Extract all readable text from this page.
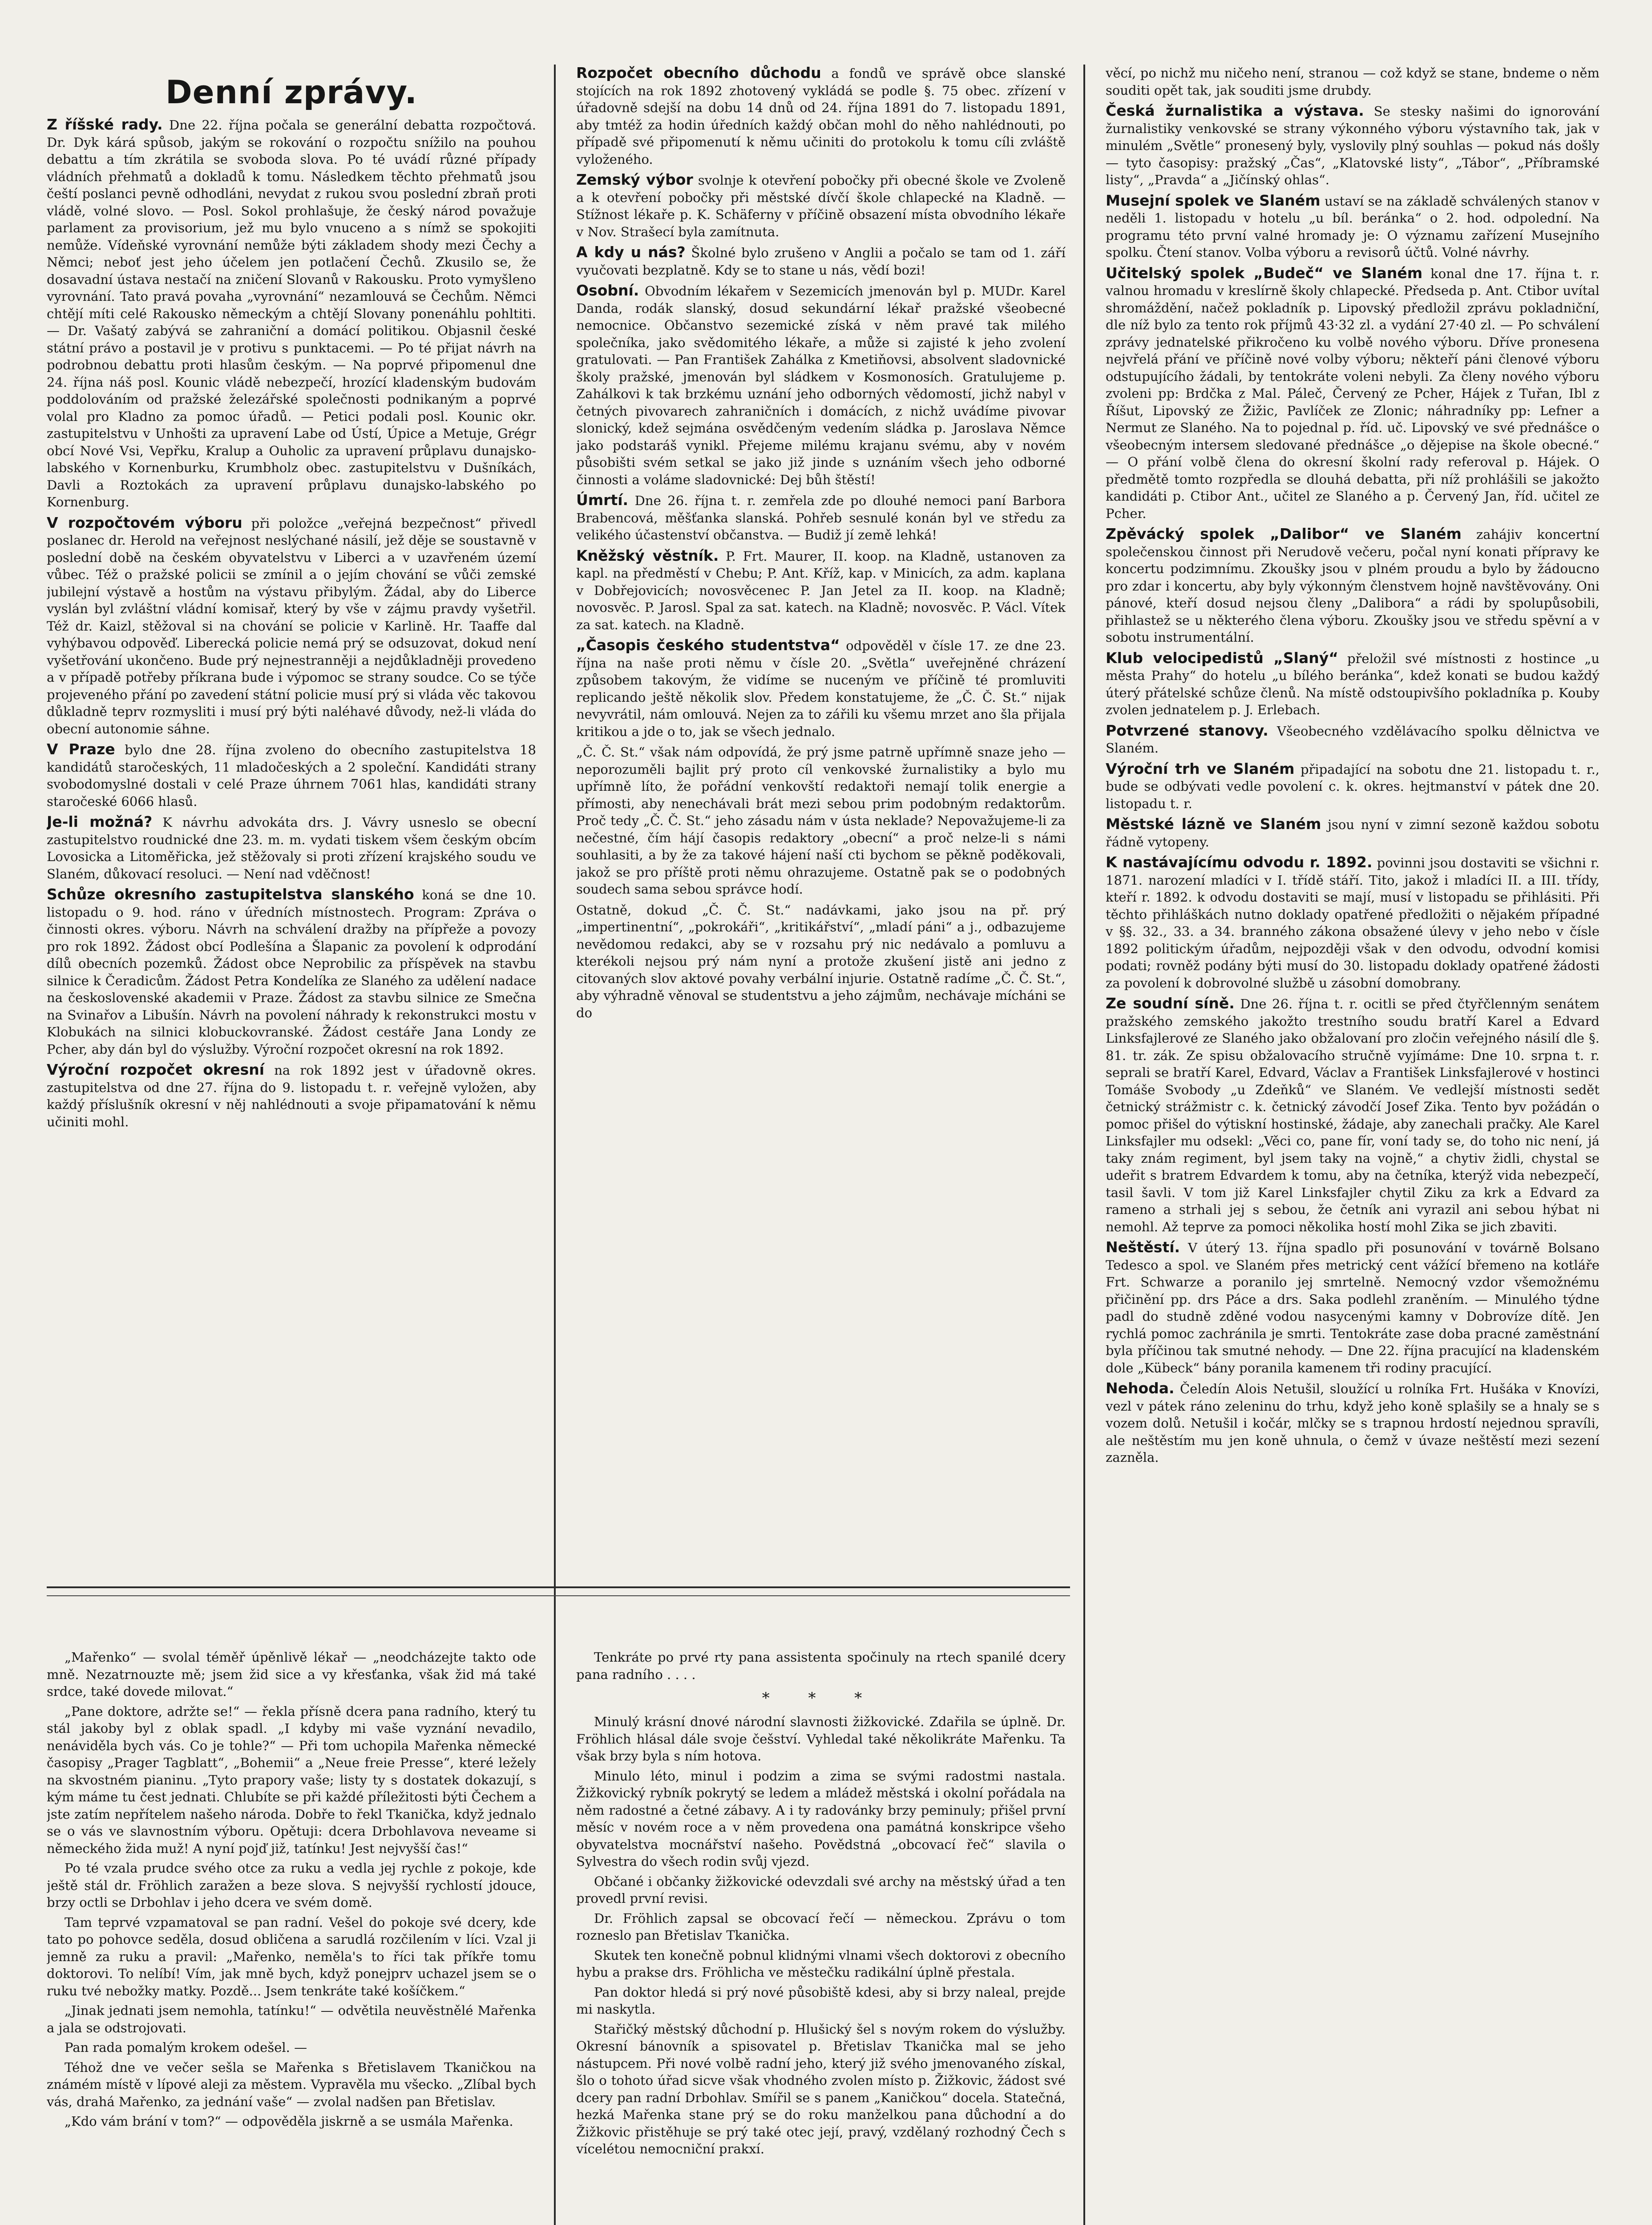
Denní zprávy.

Z říšské rady. Dne 22. října počala se generální debatta rozpočtová. Dr. Dyk kárá spůsob, jakým se rokování o rozpočtu snížilo na pouhou debattu a tím zkrátila se svoboda slova. Po té uvádí různé případy vládních přehmatů a dokladů k tomu. Následkem těchto přehmatů jsou čeští poslanci pevně odhodláni, nevydat z rukou svou poslední zbraň proti vládě, volné slovo. — Posl. Sokol prohlašuje, že český národ považuje parlament za provisorium, jež mu bylo vnuceno a s nímž se spokojiti nemůže. Vídeňské vyrovnání nemůže býti základem shody mezi Čechy a Němci; neboť jest jeho účelem jen potlačení Čechů. Zkusilo se, že dosavadní ústava nestačí na zničení Slovanů v Rakousku. Proto vymyšleno vyrovnání. Tato pravá povaha „vyrovnání“ nezamlouvá se Čechům. Němci chtějí míti celé Rakousko německým a chtějí Slovany ponenáhlu pohltiti. — Dr. Vašatý zabývá se zahraniční a domácí politikou. Objasnil české státní právo a postavil je v protivu s punktacemi. — Po té přijat návrh na podrobnou debattu proti hlasům českým. — Na poprvé připomenul dne 24. října náš posl. Kounic vládě nebezpečí, hrozící kladenským budovám poddolováním od pražské železářské společnosti podnikaným a poprvé volal pro Kladno za pomoc úřadů. — Petici podali posl. Kounic okr. zastupitelstvu v Unhošti za upravení Labe od Ústí, Úpice a Metuje, Grégr obcí Nové Vsi, Vepřku, Kralup a Ouholic za upravení průplavu dunajsko-labského v Kornenburku, Krumbholz obec. zastupitelstvu v Dušníkách, Davli a Roztokách za upravení průplavu dunajsko-labského po Kornenburg.

V rozpočtovém výboru při položce „veřejná bezpečnost“ přivedl poslanec dr. Herold na veřejnost neslýchané násilí, jež děje se soustavně v poslední době na českém obyvatelstvu v Liberci a v uzavřeném území vůbec. Též o pražské policii se zmínil a o jejím chování se vůči zemské jubilejní výstavě a hostům na výstavu přibylým. Žádal, aby do Liberce vyslán byl zvláštní vládní komisař, který by vše v zájmu pravdy vyšetřil. Též dr. Kaizl, stěžoval si na chování se policie v Karlině. Hr. Taaffe dal vyhýbavou odpověď. Liberecká policie nemá prý se odsuzovat, dokud není vyšetřování ukončeno. Bude prý nejnestranněji a nejdůkladněji provedeno a v případě potřeby příkrana bude i výpomoc se strany soudce. Co se týče projeveného přání po zavedení státní policie musí prý si vláda věc takovou důkladně teprv rozmysliti i musí prý býti naléhavé důvody, než-li vláda do obecní autonomie sáhne.

V Praze bylo dne 28. října zvoleno do obecního zastupitelstva 18 kandidátů staročeských, 11 mladočeských a 2 společní. Kandidáti strany svobodomyslné dostali v celé Praze úhrnem 7061 hlas, kandidáti strany staročeské 6066 hlasů.

Je-li možná? K návrhu advokáta drs. J. Vávry usneslo se obecní zastupitelstvo roudnické dne 23. m. m. vydati tiskem všem českým obcím Lovosicka a Litoměřicka, jež stěžovaly si proti zřízení krajského soudu ve Slaném, důkovací resoluci. — Není nad vděčnost!

Schůze okresního zastupitelstva slanského koná se dne 10. listopadu o 9. hod. ráno v úředních místnostech. Program: Zpráva o činnosti okres. výboru. Návrh na schválení dražby na přípřeže a povozy pro rok 1892. Žádost obcí Podlešína a Šlapanic za povolení k odprodání dílů obecních pozemků. Žádost obce Neprobilic za příspěvek na stavbu silnice k Čeradicům. Žádost Petra Kondelíka ze Slaného za udělení nadace na československé akademii v Praze. Žádost za stavbu silnice ze Smečna na Svinařov a Libušín. Návrh na povolení náhrady k rekonstrukci mostu v Klobukách na silnici klobuckovranské. Žádost cestáře Jana Londy ze Pcher, aby dán byl do výslužby. Výroční rozpočet okresní na rok 1892.

Výroční rozpočet okresní na rok 1892 jest v úřadovně okres. zastupitelstva od dne 27. října do 9. listopadu t. r. veřejně vyložen, aby každý příslušník okresní v něj nahlédnouti a svoje připamatování k němu učiniti mohl.

Rozpočet obecního důchodu a fondů ve správě obce slanské stojících na rok 1892 zhotovený vykládá se podle §. 75 obec. zřízení v úřadovně sdejší na dobu 14 dnů od 24. října 1891 do 7. listopadu 1891, aby tmtéž za hodin úředních každý občan mohl do něho nahlédnouti, po případě své připomenutí k němu učiniti do protokolu k tomu cíli zvláště vyloženého.

Zemský výbor svolnje k otevření pobočky při obecné škole ve Zvoleně a k otevření pobočky při městské dívčí škole chlapecké na Kladně. — Stížnost lékaře p. K. Schäferny v příčině obsazení místa obvodního lékaře v Nov. Strašecí byla zamítnuta.

A kdy u nás? Školné bylo zrušeno v Anglii a počalo se tam od 1. září vyučovati bezplatně. Kdy se to stane u nás, vědí bozi!

Osobní. Obvodním lékařem v Sezemicích jmenován byl p. MUDr. Karel Danda, rodák slanský, dosud sekundární lékař pražské všeobecné nemocnice. Občanstvo sezemické získá v něm pravé tak milého společníka, jako svědomitého lékaře, a může si zajisté k jeho zvolení gratulovati. — Pan František Zahálka z Kmetiňovsi, absolvent sladovnické školy pražské, jmenován byl sládkem v Kosmonosích. Gratulujeme p. Zahálkovi k tak brzkému uznání jeho odborných vědomostí, jichž nabyl v četných pivovarech zahraničních i domácích, z nichž uvádíme pivovar slonický, kdež sejmána osvědčeným vedením sládka p. Jaroslava Němce jako podstaráš vynikl. Přejeme milému krajanu svému, aby v novém působišti svém setkal se jako již jinde s uznáním všech jeho odborné činnosti a voláme sladovnické: Dej bůh štěstí!

Úmrtí. Dne 26. října t. r. zemřela zde po dlouhé nemoci paní Barbora Brabencová, měšťanka slanská. Pohřeb sesnulé konán byl ve středu za velikého účastenství občanstva. — Budiž jí země lehká!

Kněžský věstník. P. Frt. Maurer, II. koop. na Kladně, ustanoven za kapl. na předměstí v Chebu; P. Ant. Kříž, kap. v Minicích, za adm. kaplana v Dobřejovicích; novosvěcenec P. Jan Jetel za II. koop. na Kladně; novosvěc. P. Jarosl. Spal za sat. katech. na Kladně; novosvěc. P. Václ. Vítek za sat. katech. na Kladně.

„Časopis českého studentstva“ odpověděl v čísle 17. ze dne 23. října na naše proti němu v čísle 20. „Světla“ uveřejněné chrázení způsobem takovým, že vidíme se nuceným ve příčině té promluviti replicando ještě několik slov. Předem konstatujeme, že „Č. Č. St.“ nijak nevyvrátil, nám omlouvá. Nejen za to zářili ku všemu mrzet ano šla přijala kritikou a jde o to, jak se všech jednalo.

„Č. Č. St.“ však nám odpovídá, že prý jsme patrně upřímně snaze jeho — neporozuměli bajlit prý proto cíl venkovské žurnalistiky a bylo mu upřímně líto, že pořádní venkovští redaktoři nemají tolik energie a přímosti, aby nenechávali brát mezi sebou prim podobným redaktorům. Proč tedy „Č. Č. St.“ jeho zásadu nám v ústa neklade? Nepovažujeme-li za nečestné, čím hájí časopis redaktory „obecní“ a proč nelze-li s námi souhlasiti, a by že za takové hájení naší cti bychom se pěkně poděkovali, jakož se pro příště proti němu ohrazujeme. Ostatně pak se o podobných soudech sama sebou správce hodí.

Ostatně, dokud „Č. Č. St.“ nadávkami, jako jsou na př. prý „impertinentní“, „pokrokáři“, „kritikářství“, „mladí páni“ a j., odbazujeme nevědomou redakci, aby se v rozsahu prý nic nedávalo a pomluvu a kterékoli nejsou prý nám nyní a protože zkušení jistě ani jedno z citovaných slov aktové povahy verbální injurie. Ostatně radíme „Č. Č. St.“, aby výhradně věnoval se studentstvu a jeho zájmům, nechávaje mícháni se do

věcí, po nichž mu ničeho není, stranou — což když se stane, bndeme o něm souditi opět tak, jak souditi jsme drubdy.

Česká žurnalistika a výstava. Se stesky našimi do ignorování žurnalistiky venkovské se strany výkonného výboru výstavního tak, jak v minulém „Světle“ pronesený byly, vyslovily plný souhlas — pokud nás došly — tyto časopisy: pražský „Čas“, „Klatovské listy“, „Tábor“, „Příbramské listy“, „Pravda“ a „Jičínský ohlas“.

Musejní spolek ve Slaném ustaví se na základě schválených stanov v neděli 1. listopadu v hotelu „u bíl. beránka“ o 2. hod. odpolední. Na programu této první valné hromady je: O významu zařízení Musejního spolku. Čtení stanov. Volba výboru a revisorů účtů. Volné návrhy.

Učitelský spolek „Budeč“ ve Slaném konal dne 17. října t. r. valnou hromadu v kreslírně školy chlapecké. Předseda p. Ant. Ctibor uvítal shromáždění, načež pokladník p. Lipovský předložil zprávu pokladniční, dle níž bylo za tento rok příjmů 43·32 zl. a vydání 27·40 zl. — Po schválení zprávy jednatelské přikročeno ku volbě nového výboru. Dříve pronesena nejvřelá přání ve příčině nové volby výboru; někteří páni členové výboru odstupujícího žádali, by tentokráte voleni nebyli. Za členy nového výboru zvoleni pp: Brdčka z Mal. Páleč, Červený ze Pcher, Hájek z Tuřan, Ibl z Říšut, Lipovský ze Žižic, Pavlíček ze Zlonic; náhradníky pp: Lefner a Nermut ze Slaného. Na to pojednal p. říd. uč. Lipovský ve své přednášce o všeobecným intersem sledované přednášce „o dějepise na škole obecné.“ — O přání volbě člena do okresní školní rady referoval p. Hájek. O předmětě tomto rozpředla se dlouhá debatta, při níž prohlášili se jakožto kandidáti p. Ctibor Ant., učitel ze Slaného a p. Červený Jan, říd. učitel ze Pcher.

Zpěvácký spolek „Dalibor“ ve Slaném zahájiv koncertní společenskou činnost při Nerudově večeru, počal nyní konati přípravy ke koncertu podzimnímu. Zkoušky jsou v plném proudu a bylo by žádoucno pro zdar i koncertu, aby byly výkonným členstvem hojně navštěvovány. Oni pánové, kteří dosud nejsou členy „Dalibora“ a rádi by spolupůsobili, přihlastež se u některého člena výboru. Zkoušky jsou ve středu spěvní a v sobotu instrumentální.

Klub velocipedistů „Slaný“ přeložil své místnosti z hostince „u města Prahy“ do hotelu „u bílého beránka“, kdež konati se budou každý úterý přátelské schůze členů. Na místě odstoupivšího pokladníka p. Kouby zvolen jednatelem p. J. Erlebach.

Potvrzené stanovy. Všeobecného vzdělávacího spolku dělnictva ve Slaném.

Výroční trh ve Slaném připadající na sobotu dne 21. listopadu t. r., bude se odbývati vedle povolení c. k. okres. hejtmanství v pátek dne 20. listopadu t. r.

Městské lázně ve Slaném jsou nyní v zimní sezoně každou sobotu řádně vytopeny.

K nastávajícímu odvodu r. 1892. povinni jsou dostaviti se všichni r. 1871. narození mladíci v I. třídě stáří. Tito, jakož i mladíci II. a III. třídy, kteří r. 1892. k odvodu dostaviti se mají, musí v listopadu se přihlásiti. Při těchto přihláškách nutno doklady opatřené předložiti o nějakém případné v §§. 32., 33. a 34. branného zákona obsažené úlevy v jeho nebo v čísle 1892 politickým úřadům, nejpozději však v den odvodu, odvodní komisi podati; rovněž podány býti musí do 30. listopadu doklady opatřené žádosti za povolení k dobrovolné službě u zásobní domobrany.

Ze soudní síně. Dne 26. října t. r. ocitli se před čtyřčlenným senátem pražského zemského jakožto trestního soudu bratří Karel a Edvard Linksfajlerové ze Slaného jako obžalovaní pro zločin veřejného násilí dle §. 81. tr. zák. Ze spisu obžalovacího stručně vyjímáme: Dne 10. srpna t. r. seprali se bratří Karel, Edvard, Václav a František Linksfajlerové v hostinci Tomáše Svobody „u Zdeňků“ ve Slaném. Ve vedlejší místnosti sedět četnický strážmistr c. k. četnický závodčí Josef Zika. Tento byv požádán o pomoc přišel do výtiskní hostinské, žádaje, aby zanechali pračky. Ale Karel Linksfajler mu odsekl: „Věci co, pane fír, voní tady se, do toho nic není, já taky znám regiment, byl jsem taky na vojně,“ a chytiv židli, chystal se udeřit s bratrem Edvardem k tomu, aby na četníka, kterýž vida nebezpečí, tasil šavli. V tom již Karel Linksfajler chytil Ziku za krk a Edvard za rameno a strhali jej s sebou, že četník ani vyrazil ani sebou hýbat ni nemohl. Až teprve za pomoci několika hostí mohl Zika se jich zbaviti.

Neštěstí. V úterý 13. října spadlo při posunování v továrně Bolsano Tedesco a spol. ve Slaném přes metrický cent vážící břemeno na kotláře Frt. Schwarze a poranilo jej smrtelně. Nemocný vzdor všemožnému přičinění pp. drs Páce a drs. Saka podlehl zraněním. — Minulého týdne padl do studně zděné vodou nasycenými kamny v Dobrovíze dítě. Jen rychlá pomoc zachránila je smrti. Tentokráte zase doba pracné zaměstnání byla příčinou tak smutné nehody. — Dne 22. října pracující na kladenském dole „Kübeck“ bány poranila kamenem tři rodiny pracující.

Nehoda. Čeledín Alois Netušil, sloužící u rolníka Frt. Hušáka v Knovízi, vezl v pátek ráno zeleninu do trhu, když jeho koně splašily se a hnaly se s vozem dolů. Netušil i kočár, mlčky se s trapnou hrdostí nejednou spravíli, ale neštěstím mu jen koně uhnula, o čemž v úvaze neštěstí mezi sezení zazněla.

„Mařenko“ — svolal téměř úpěnlivě lékař — „neodcházejte takto ode mně. Nezatrnouzte mě; jsem žid sice a vy křesťanka, však žid má také srdce, také dovede milovat.“

„Pane doktore, adržte se!“ — řekla přísně dcera pana radního, který tu stál jakoby byl z oblak spadl. „I kdyby mi vaše vyznání nevadilo, nenáviděla bych vás. Co je tohle?“ — Při tom uchopila Mařenka německé časopisy „Prager Tagblatt“, „Bohemii“ a „Neue freie Presse“, které ležely na skvostném pianinu. „Tyto prapory vaše; listy ty s dostatek dokazují, s kým máme tu čest jednati. Chlubíte se při každé příležitosti býti Čechem a jste zatím nepřítelem našeho národa. Dobře to řekl Tkanička, když jednalo se o vás ve slavnostním výboru. Opětuji: dcera Drbohlavova neveame si německého žida muž! A nyní pojď již, tatínku! Jest nejvyšší čas!“

Po té vzala prudce svého otce za ruku a vedla jej rychle z pokoje, kde ještě stál dr. Fröhlich zaražen a beze slova. S nejvyšší rychlostí jdouce, brzy octli se Drbohlav i jeho dcera ve svém domě.

Tam teprvé vzpamatoval se pan radní. Vešel do pokoje své dcery, kde tato po pohovce seděla, dosud obličena a sarudlá rozčilením v líci. Vzal ji jemně za ruku a pravil: „Mařenko, neměla's to říci tak příkře tomu doktorovi. To nelíbí! Vím, jak mně bych, když ponejprv uchazel jsem se o ruku tvé nebožky matky. Pozdě... Jsem tenkráte také košíčkem.“

„Jinak jednati jsem nemohla, tatínku!“ — odvětila neuvěstnělé Mařenka a jala se odstrojovati.

Pan rada pomalým krokem odešel. —

Téhož dne ve večer sešla se Mařenka s Břetislavem Tkaničkou na známém místě v lípové aleji za městem. Vypravěla mu všecko. „Zlíbal bych vás, drahá Mařenko, za jednání vaše“ — zvolal nadšen pan Břetislav.

„Kdo vám brání v tom?“ — odpověděla jiskrně a se usmála Mařenka.

Tenkráte po prvé rty pana assistenta spočinuly na rtech spanilé dcery pana radního . . . .

* * *

Minulý krásní dnové národní slavnosti žižkovické. Zdařila se úplně. Dr. Fröhlich hlásal dále svoje češství. Vyhledal také několikráte Mařenku. Ta však brzy byla s ním hotova.

Minulo léto, minul i podzim a zima se svými radostmi nastala. Žižkovický rybník pokrytý se ledem a mládež městská i okolní pořádala na něm radostné a četné zábavy. A i ty radovánky brzy peminuly; přišel první měsíc v novém roce a v něm provedena ona památná konskripce všeho obyvatelstva mocnářství našeho. Povědstná „obcovací řeč“ slavila o Sylvestra do všech rodin svůj vjezd.

Občané i občanky žižkovické odevzdali své archy na městský úřad a ten provedl první revisi.

Dr. Fröhlich zapsal se obcovací řečí — německou. Zprávu o tom rozneslo pan Břetislav Tkanička.

Skutek ten konečně pobnul klidnými vlnami všech doktorovi z obecního hybu a prakse drs. Fröhlicha ve městečku radikální úplně přestala.

Pan doktor hledá si prý nové působiště kdesi, aby si brzy naleal, prejde mi naskytla.

Stařičký městský důchodní p. Hlušický šel s novým rokem do výslužby. Okresní bánovník a spisovatel p. Břetislav Tkanička mal se jeho nástupcem. Při nové volbě radní jeho, který již svého jmenovaného získal, šlo o tohoto úřad sicve však vhodného zvolen místo p. Žižkovic, žádost své dcery pan radní Drbohlav. Smířil se s panem „Kaničkou“ docela. Statečná, hezká Mařenka stane prý se do roku manželkou pana důchodní a do Žižkovic přistěhuje se prý také otec její, pravý, vzdělaný rozhodný Čech s vícelétou nemocniční prakxí.
